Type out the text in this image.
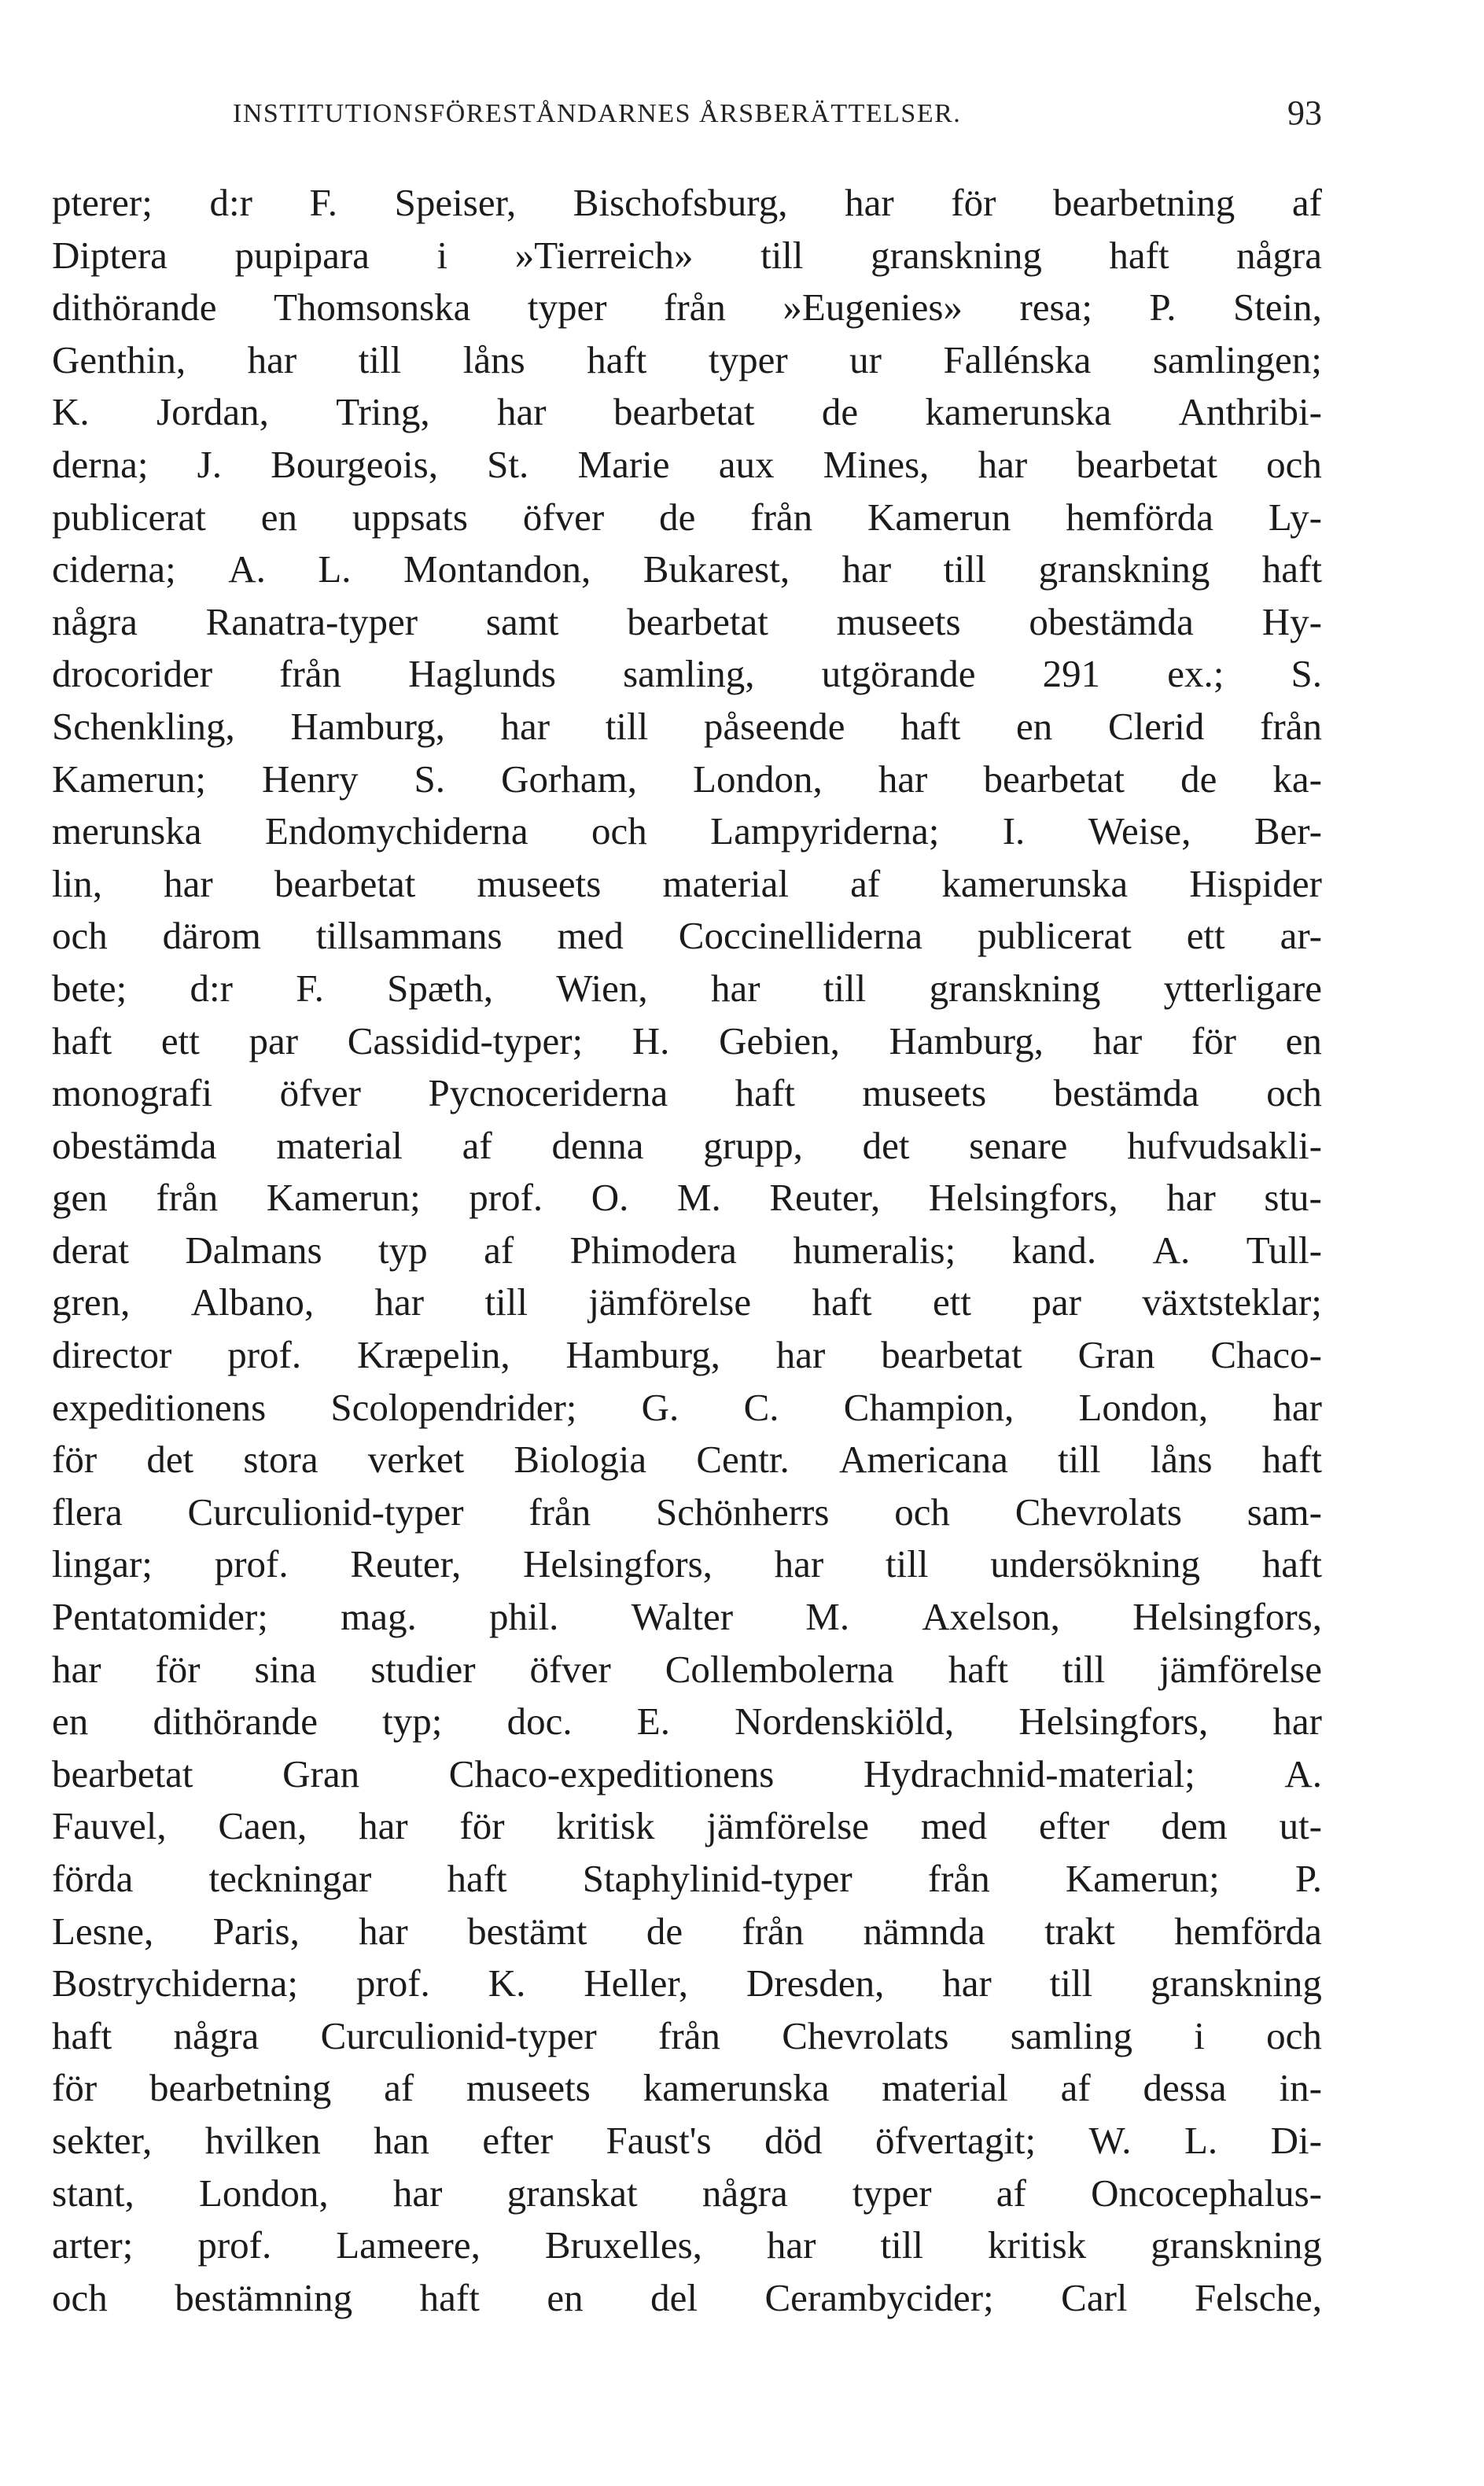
INSTITUTIONSFÖRESTÅNDARNES ÅRSBERÄTTELSER.	93
pterer; d:r F. Speiser, Bischofsburg, har för bearbetning af
Diptera pupipara i »Tierreich» till granskning haft några
dithörande Thomsonska typer från »Eugenies» resa; P. Stein,
Genthin, har till låns haft typer ur Fallénska samlingen;
K. Jordan, Tring, har bearbetat de kamerunska Anthribi-
derna; J. Bourgeois, St. Marie aux Mines, har bearbetat och
publicerat en uppsats öfver de från Kamerun hemförda Ly-
ciderna; A. L. Montandon, Bukarest, har till granskning haft
några Ranatra-typer samt bearbetat museets obestämda Hy-
drocorider från Haglunds samling, utgörande 291 ex.; S.
Schenkling, Hamburg, har till påseende haft en Clerid från
Kamerun; Henry S. Gorham, London, har bearbetat de ka-
merunska Endomychiderna och Lampyriderna; I. Weise, Ber-
lin, har bearbetat museets material af kamerunska Hispider
och därom tillsammans med Coccinelliderna publicerat ett ar-
bete; d:r F. Spæth, Wien, har till granskning ytterligare
haft ett par Cassidid-typer; H. Gebien, Hamburg, har för en
monografi öfver Pycnoceriderna haft museets bestämda och
obestämda material af denna grupp, det senare hufvudsakli-
gen från Kamerun; prof. O. M. Reuter, Helsingfors, har stu-
derat Dalmans typ af Phimodera humeralis; kand. A. Tull-
gren, Albano, har till jämförelse haft ett par växtsteklar;
director prof. Kræpelin, Hamburg, har bearbetat Gran Chaco-
expeditionens Scolopendrider; G. C. Champion, London, har
för det stora verket Biologia Centr. Americana till låns haft
flera Curculionid-typer från Schönherrs och Chevrolats sam-
lingar; prof. Reuter, Helsingfors, har till undersökning haft
Pentatomider; mag. phil. Walter M. Axelson, Helsingfors,
har för sina studier öfver Collembolerna haft till jämförelse
en dithörande typ; doc. E. Nordenskiöld, Helsingfors, har
bearbetat Gran Chaco-expeditionens Hydrachnid-material; A.
Fauvel, Caen, har för kritisk jämförelse med efter dem ut-
förda teckningar haft Staphylinid-typer från Kamerun; P.
Lesne, Paris, har bestämt de från nämnda trakt hemförda
Bostrychiderna; prof. K. Heller, Dresden, har till granskning
haft några Curculionid-typer från Chevrolats samling i och
för bearbetning af museets kamerunska material af dessa in-
sekter, hvilken han efter Faust's död öfvertagit; W. L. Di-
stant, London, har granskat några typer af Oncocephalus-
arter; prof. Lameere, Bruxelles, har till kritisk granskning
och bestämning haft en del Cerambycider; Carl Felsche,
